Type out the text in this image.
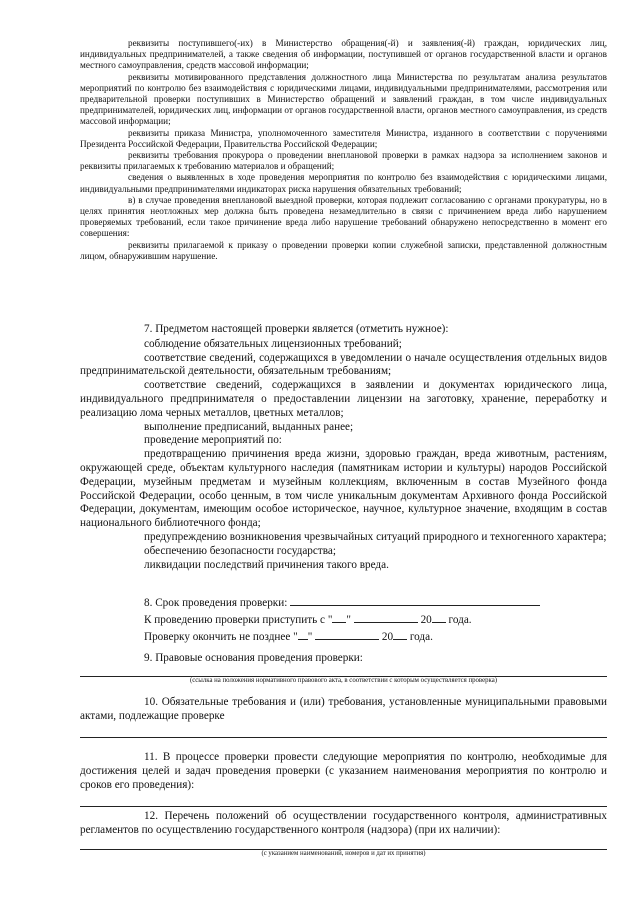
реквизиты поступившего(-их) в Министерство обращения(-й) и заявления(-й) граждан, юридических лиц, индивидуальных предпринимателей, а также сведения об информации, поступившей от органов государственной власти и органов местного самоуправления, средств массовой информации;

реквизиты мотивированного представления должностного лица Министерства по результатам анализа результатов мероприятий по контролю без взаимодействия с юридическими лицами, индивидуальными предпринимателями, рассмотрения или предварительной проверки поступивших в Министерство обращений и заявлений граждан, в том числе индивидуальных предпринимателей, юридических лиц, информации от органов государственной власти, органов местного самоуправления, из средств массовой информации;

реквизиты приказа Министра, уполномоченного заместителя Министра, изданного в соответствии с поручениями Президента Российской Федерации, Правительства Российской Федерации;

реквизиты требования прокурора о проведении внеплановой проверки в рамках надзора за исполнением законов и реквизиты прилагаемых к требованию материалов и обращений;

сведения о выявленных в ходе проведения мероприятия по контролю без взаимодействия с юридическими лицами, индивидуальными предпринимателями индикаторах риска нарушения обязательных требований;

в) в случае проведения внеплановой выездной проверки, которая подлежит согласованию с органами прокуратуры, но в целях принятия неотложных мер должна быть проведена незамедлительно в связи с причинением вреда либо нарушением проверяемых требований, если такое причинение вреда либо нарушение требований обнаружено непосредственно в момент его совершения:

реквизиты прилагаемой к приказу о проведении проверки копии служебной записки, представленной должностным лицом, обнаружившим нарушение.

7. Предметом настоящей проверки является (отметить нужное):

соблюдение обязательных лицензионных требований;

соответствие сведений, содержащихся в уведомлении о начале осуществления отдельных видов предпринимательской деятельности, обязательным требованиям;

соответствие сведений, содержащихся в заявлении и документах юридического лица, индивидуального предпринимателя о предоставлении лицензии на заготовку, хранение, переработку и реализацию лома черных металлов, цветных металлов;

выполнение предписаний, выданных ранее;

проведение мероприятий по:

предотвращению причинения вреда жизни, здоровью граждан, вреда животным, растениям, окружающей среде, объектам культурного наследия (памятникам истории и культуры) народов Российской Федерации, музейным предметам и музейным коллекциям, включенным в состав Музейного фонда Российской Федерации, особо ценным, в том числе уникальным документам Архивного фонда Российской Федерации, документам, имеющим особое историческое, научное, культурное значение, входящим в состав национального библиотечного фонда;

предупреждению возникновения чрезвычайных ситуаций природного и техногенного характера;

обеспечению безопасности государства;

ликвидации последствий причинения такого вреда.

8. Срок проведения проверки:

К проведению проверки приступить с " "	20 года.

Проверку окончить не позднее " "	20 года.

9. Правовые основания проведения проверки:

(ссылка на положения нормативного правового акта, в соответствии с которым осуществляется проверка)

10. Обязательные требования и (или) требования, установленные муниципальными правовыми актами, подлежащие проверке

11. В процессе проверки провести следующие мероприятия по контролю, необходимые для достижения целей и задач проведения проверки (с указанием наименования мероприятия по контролю и сроков его проведения):

12. Перечень положений об осуществлении государственного контроля, административных регламентов по осуществлению государственного контроля (надзора) (при их наличии):

(с указанием наименований, номеров и дат их принятия)
